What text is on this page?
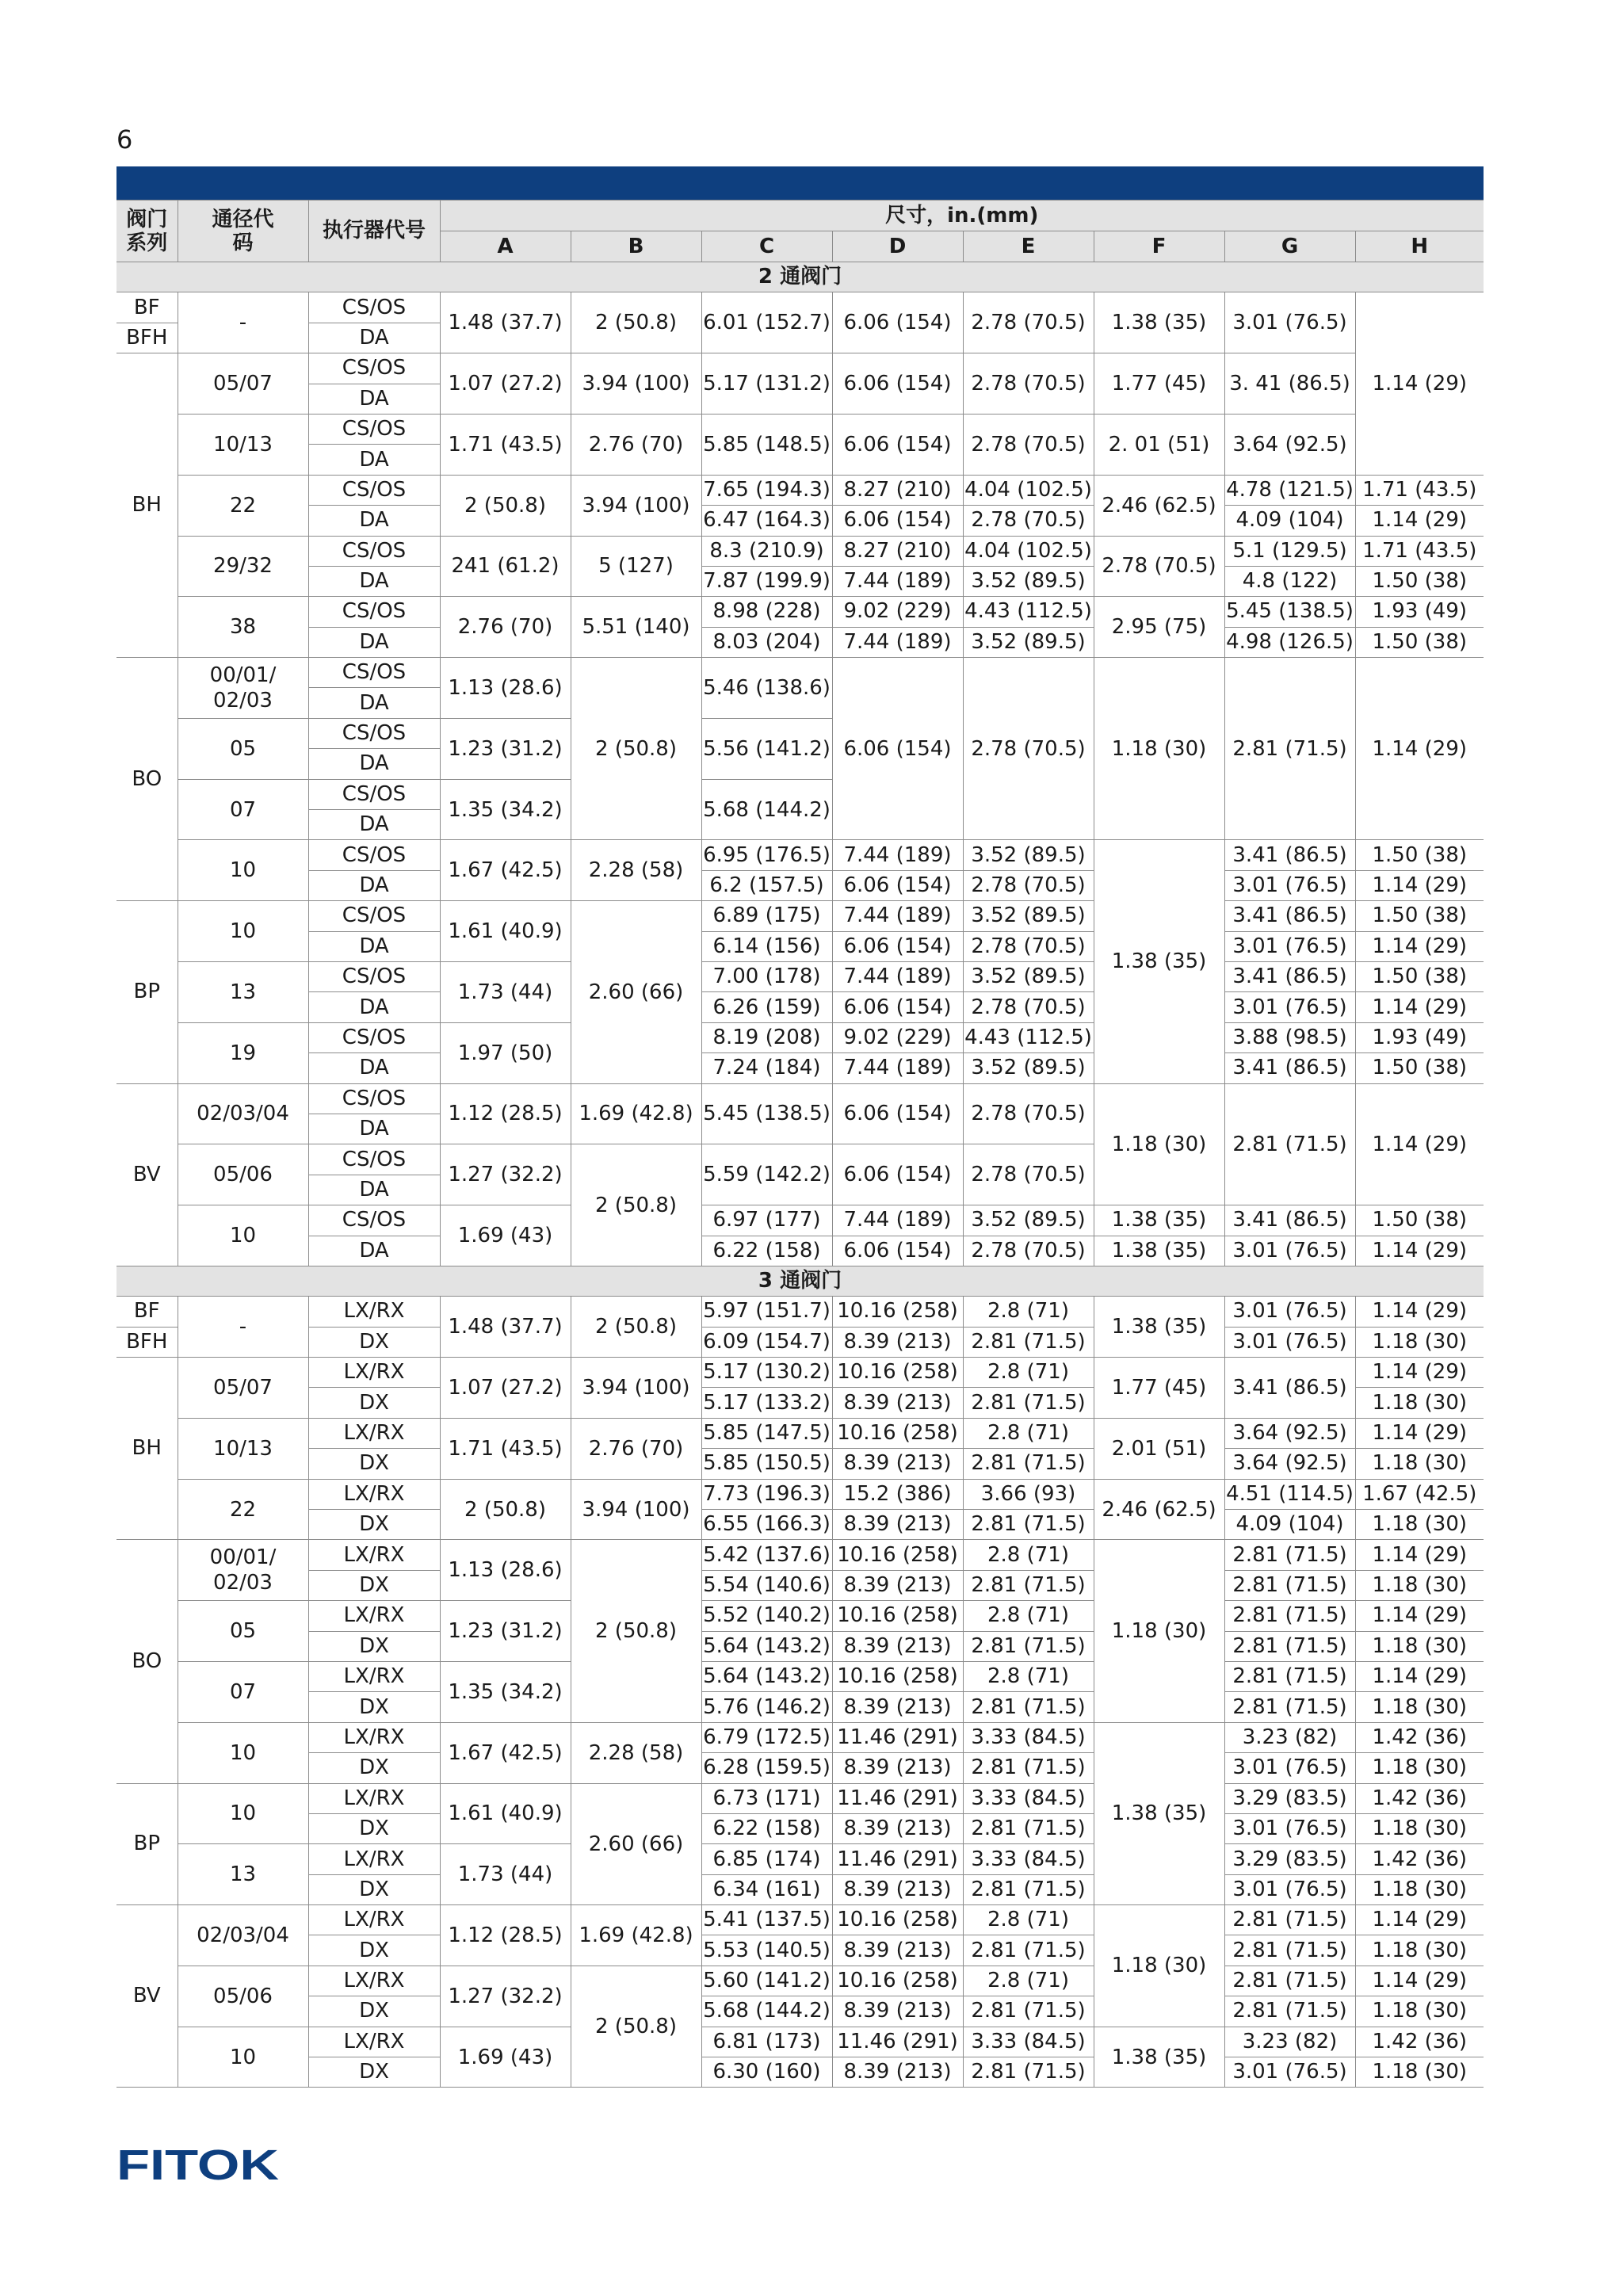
6
阀门系列	通径代码	执行器代号	尺寸，in.(mm)							
			A	B	C	D	E	F	G	H
2 通阀门										
BF	-	CS/OS	1.48 (37.7)	2 (50.8)	6.01 (152.7)	6.06 (154)	2.78 (70.5)	1.38 (35)	3.01 (76.5)	1.14 (29)
BFH		DA								
BH	05/07	CS/OS	1.07 (27.2)	3.94 (100)	5.17 (131.2)	6.06 (154)	2.78 (70.5)	1.77 (45)	3. 41 (86.5)	
		DA								
	10/13	CS/OS	1.71 (43.5)	2.76 (70)	5.85 (148.5)	6.06 (154)	2.78 (70.5)	2. 01 (51)	3.64 (92.5)	
		DA								
	22	CS/OS	2 (50.8)	3.94 (100)	7.65 (194.3)	8.27 (210)	4.04 (102.5)	2.46 (62.5)	4.78 (121.5)	1.71 (43.5)
		DA			6.47 (164.3)	6.06 (154)	2.78 (70.5)		4.09 (104)	1.14 (29)
	29/32	CS/OS	241 (61.2)	5 (127)	8.3 (210.9)	8.27 (210)	4.04 (102.5)	2.78 (70.5)	5.1 (129.5)	1.71 (43.5)
		DA			7.87 (199.9)	7.44 (189)	3.52 (89.5)		4.8 (122)	1.50 (38)
	38	CS/OS	2.76 (70)	5.51 (140)	8.98 (228)	9.02 (229)	4.43 (112.5)	2.95 (75)	5.45 (138.5)	1.93 (49)
		DA			8.03 (204)	7.44 (189)	3.52 (89.5)		4.98 (126.5)	1.50 (38)
BO	00/01/ 02/03	CS/OS	1.13 (28.6)	2 (50.8)	5.46 (138.6)	6.06 (154)	2.78 (70.5)	1.18 (30)	2.81 (71.5)	1.14 (29)
		DA								
	05	CS/OS	1.23 (31.2)		5.56 (141.2)					
		DA								
	07	CS/OS	1.35 (34.2)		5.68 (144.2)					
		DA								
	10	CS/OS	1.67 (42.5)	2.28 (58)	6.95 (176.5)	7.44 (189)	3.52 (89.5)	1.38 (35)	3.41 (86.5)	1.50 (38)
		DA			6.2 (157.5)	6.06 (154)	2.78 (70.5)		3.01 (76.5)	1.14 (29)
BP	10	CS/OS	1.61 (40.9)	2.60 (66)	6.89 (175)	7.44 (189)	3.52 (89.5)		3.41 (86.5)	1.50 (38)
		DA			6.14 (156)	6.06 (154)	2.78 (70.5)		3.01 (76.5)	1.14 (29)
	13	CS/OS	1.73 (44)		7.00 (178)	7.44 (189)	3.52 (89.5)		3.41 (86.5)	1.50 (38)
		DA			6.26 (159)	6.06 (154)	2.78 (70.5)		3.01 (76.5)	1.14 (29)
	19	CS/OS	1.97 (50)		8.19 (208)	9.02 (229)	4.43 (112.5)		3.88 (98.5)	1.93 (49)
		DA			7.24 (184)	7.44 (189)	3.52 (89.5)		3.41 (86.5)	1.50 (38)
BV	02/03/04	CS/OS	1.12 (28.5)	1.69 (42.8)	5.45 (138.5)	6.06 (154)	2.78 (70.5)	1.18 (30)	2.81 (71.5)	1.14 (29)
		DA								
	05/06	CS/OS	1.27 (32.2)	2 (50.8)	5.59 (142.2)	6.06 (154)	2.78 (70.5)			
		DA								
	10	CS/OS	1.69 (43)		6.97 (177)	7.44 (189)	3.52 (89.5)	1.38 (35)	3.41 (86.5)	1.50 (38)
		DA			6.22 (158)	6.06 (154)	2.78 (70.5)	1.38 (35)	3.01 (76.5)	1.14 (29)
3 通阀门										
BF	-	LX/RX	1.48 (37.7)	2 (50.8)	5.97 (151.7)	10.16 (258)	2.8 (71)	1.38 (35)	3.01 (76.5)	1.14 (29)
BFH		DX			6.09 (154.7)	8.39 (213)	2.81 (71.5)		3.01 (76.5)	1.18 (30)
BH	05/07	LX/RX	1.07 (27.2)	3.94 (100)	5.17 (130.2)	10.16 (258)	2.8 (71)	1.77 (45)	3.41 (86.5)	1.14 (29)
		DX			5.17 (133.2)	8.39 (213)	2.81 (71.5)			1.18 (30)
	10/13	LX/RX	1.71 (43.5)	2.76 (70)	5.85 (147.5)	10.16 (258)	2.8 (71)	2.01 (51)	3.64 (92.5)	1.14 (29)
		DX			5.85 (150.5)	8.39 (213)	2.81 (71.5)		3.64 (92.5)	1.18 (30)
	22	LX/RX	2 (50.8)	3.94 (100)	7.73 (196.3)	15.2 (386)	3.66 (93)	2.46 (62.5)	4.51 (114.5)	1.67 (42.5)
		DX			6.55 (166.3)	8.39 (213)	2.81 (71.5)		4.09 (104)	1.18 (30)
BO	00/01/ 02/03	LX/RX	1.13 (28.6)	2 (50.8)	5.42 (137.6)	10.16 (258)	2.8 (71)	1.18 (30)	2.81 (71.5)	1.14 (29)
		DX			5.54 (140.6)	8.39 (213)	2.81 (71.5)		2.81 (71.5)	1.18 (30)
	05	LX/RX	1.23 (31.2)		5.52 (140.2)	10.16 (258)	2.8 (71)		2.81 (71.5)	1.14 (29)
		DX			5.64 (143.2)	8.39 (213)	2.81 (71.5)		2.81 (71.5)	1.18 (30)
	07	LX/RX	1.35 (34.2)		5.64 (143.2)	10.16 (258)	2.8 (71)		2.81 (71.5)	1.14 (29)
		DX			5.76 (146.2)	8.39 (213)	2.81 (71.5)		2.81 (71.5)	1.18 (30)
	10	LX/RX	1.67 (42.5)	2.28 (58)	6.79 (172.5)	11.46 (291)	3.33 (84.5)	1.38 (35)	3.23 (82)	1.42 (36)
		DX			6.28 (159.5)	8.39 (213)	2.81 (71.5)		3.01 (76.5)	1.18 (30)
BP	10	LX/RX	1.61 (40.9)	2.60 (66)	6.73 (171)	11.46 (291)	3.33 (84.5)		3.29 (83.5)	1.42 (36)
		DX			6.22 (158)	8.39 (213)	2.81 (71.5)		3.01 (76.5)	1.18 (30)
	13	LX/RX	1.73 (44)		6.85 (174)	11.46 (291)	3.33 (84.5)		3.29 (83.5)	1.42 (36)
		DX			6.34 (161)	8.39 (213)	2.81 (71.5)		3.01 (76.5)	1.18 (30)
BV	02/03/04	LX/RX	1.12 (28.5)	1.69 (42.8)	5.41 (137.5)	10.16 (258)	2.8 (71)	1.18 (30)	2.81 (71.5)	1.14 (29)
		DX			5.53 (140.5)	8.39 (213)	2.81 (71.5)		2.81 (71.5)	1.18 (30)
	05/06	LX/RX	1.27 (32.2)	2 (50.8)	5.60 (141.2)	10.16 (258)	2.8 (71)		2.81 (71.5)	1.14 (29)
		DX			5.68 (144.2)	8.39 (213)	2.81 (71.5)		2.81 (71.5)	1.18 (30)
	10	LX/RX	1.69 (43)		6.81 (173)	11.46 (291)	3.33 (84.5)	1.38 (35)	3.23 (82)	1.42 (36)
		DX			6.30 (160)	8.39 (213)	2.81 (71.5)		3.01 (76.5)	1.18 (30)
FITOK
